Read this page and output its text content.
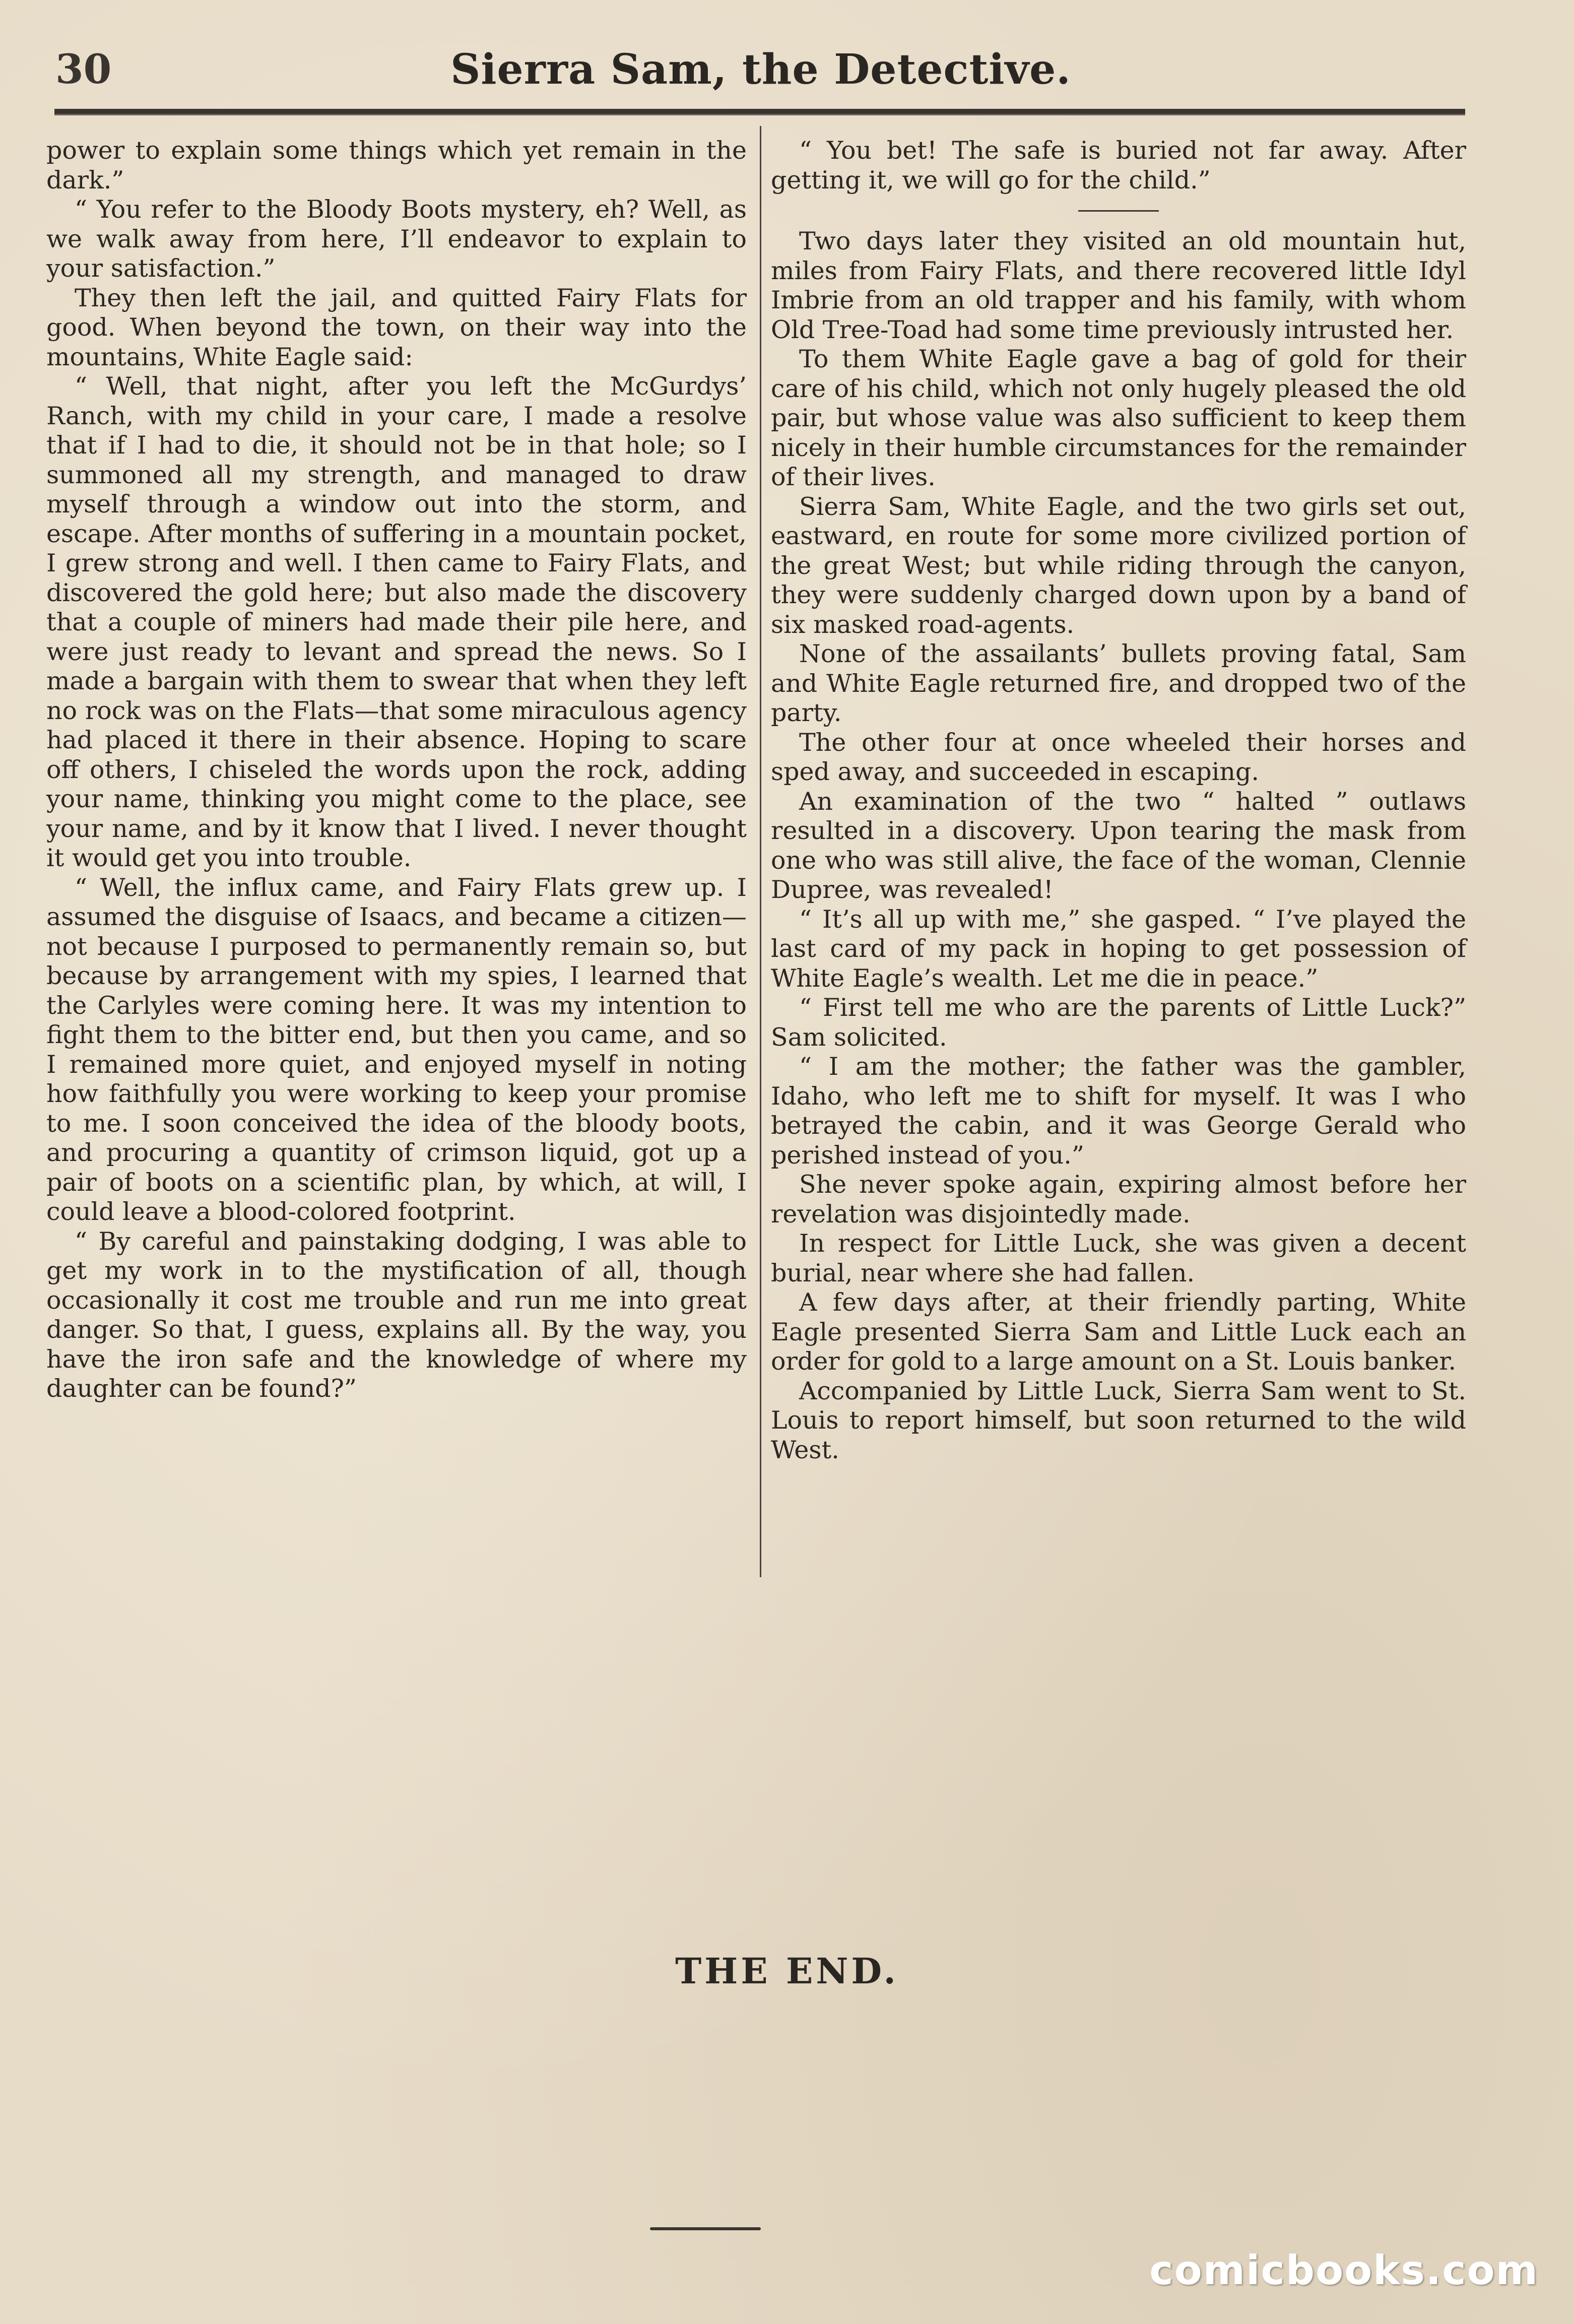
30	Sierra Sam, the Detective.

power to explain some things which yet remain in the dark.”

“ You refer to the Bloody Boots mystery, eh? Well, as we walk away from here, I’ll endeavor to explain to your satisfaction.”

They then left the jail, and quitted Fairy Flats for good. When beyond the town, on their way into the mountains, White Eagle said:

“ Well, that night, after you left the McGurdys’ Ranch, with my child in your care, I made a resolve that if I had to die, it should not be in that hole; so I summoned all my strength, and managed to draw myself through a window out into the storm, and escape. After months of suffering in a mountain pocket, I grew strong and well. I then came to Fairy Flats, and discovered the gold here; but also made the discovery that a couple of miners had made their pile here, and were just ready to levant and spread the news. So I made a bargain with them to swear that when they left no rock was on the Flats—that some miraculous agency had placed it there in their absence. Hoping to scare off others, I chiseled the words upon the rock, adding your name, thinking you might come to the place, see your name, and by it know that I lived. I never thought it would get you into trouble.

“ Well, the influx came, and Fairy Flats grew up. I assumed the disguise of Isaacs, and became a citizen—not because I purposed to permanently remain so, but because by arrangement with my spies, I learned that the Carlyles were coming here. It was my intention to fight them to the bitter end, but then you came, and so I remained more quiet, and enjoyed myself in noting how faithfully you were working to keep your promise to me. I soon conceived the idea of the bloody boots, and procuring a quantity of crimson liquid, got up a pair of boots on a scientific plan, by which, at will, I could leave a blood-colored footprint.

“ By careful and painstaking dodging, I was able to get my work in to the mystification of all, though occasionally it cost me trouble and run me into great danger. So that, I guess, explains all. By the way, you have the iron safe and the knowledge of where my daughter can be found?”

“ You bet! The safe is buried not far away. After getting it, we will go for the child.”

Two days later they visited an old mountain hut, miles from Fairy Flats, and there recovered little Idyl Imbrie from an old trapper and his family, with whom Old Tree-Toad had some time previously intrusted her.

To them White Eagle gave a bag of gold for their care of his child, which not only hugely pleased the old pair, but whose value was also sufficient to keep them nicely in their humble circumstances for the remainder of their lives.

Sierra Sam, White Eagle, and the two girls set out, eastward, en route for some more civilized portion of the great West; but while riding through the canyon, they were suddenly charged down upon by a band of six masked road-agents.

None of the assailants’ bullets proving fatal, Sam and White Eagle returned fire, and dropped two of the party.

The other four at once wheeled their horses and sped away, and succeeded in escaping.

An examination of the two “ halted ” outlaws resulted in a discovery. Upon tearing the mask from one who was still alive, the face of the woman, Clennie Dupree, was revealed!

“ It’s all up with me,” she gasped. “ I’ve played the last card of my pack in hoping to get possession of White Eagle’s wealth. Let me die in peace.”

“ First tell me who are the parents of Little Luck?” Sam solicited.

“ I am the mother; the father was the gambler, Idaho, who left me to shift for myself. It was I who betrayed the cabin, and it was George Gerald who perished instead of you.”

She never spoke again, expiring almost before her revelation was disjointedly made.

In respect for Little Luck, she was given a decent burial, near where she had fallen.

A few days after, at their friendly parting, White Eagle presented Sierra Sam and Little Luck each an order for gold to a large amount on a St. Louis banker.

Accompanied by Little Luck, Sierra Sam went to St. Louis to report himself, but soon returned to the wild West.

THE END.
comicbooks.com
